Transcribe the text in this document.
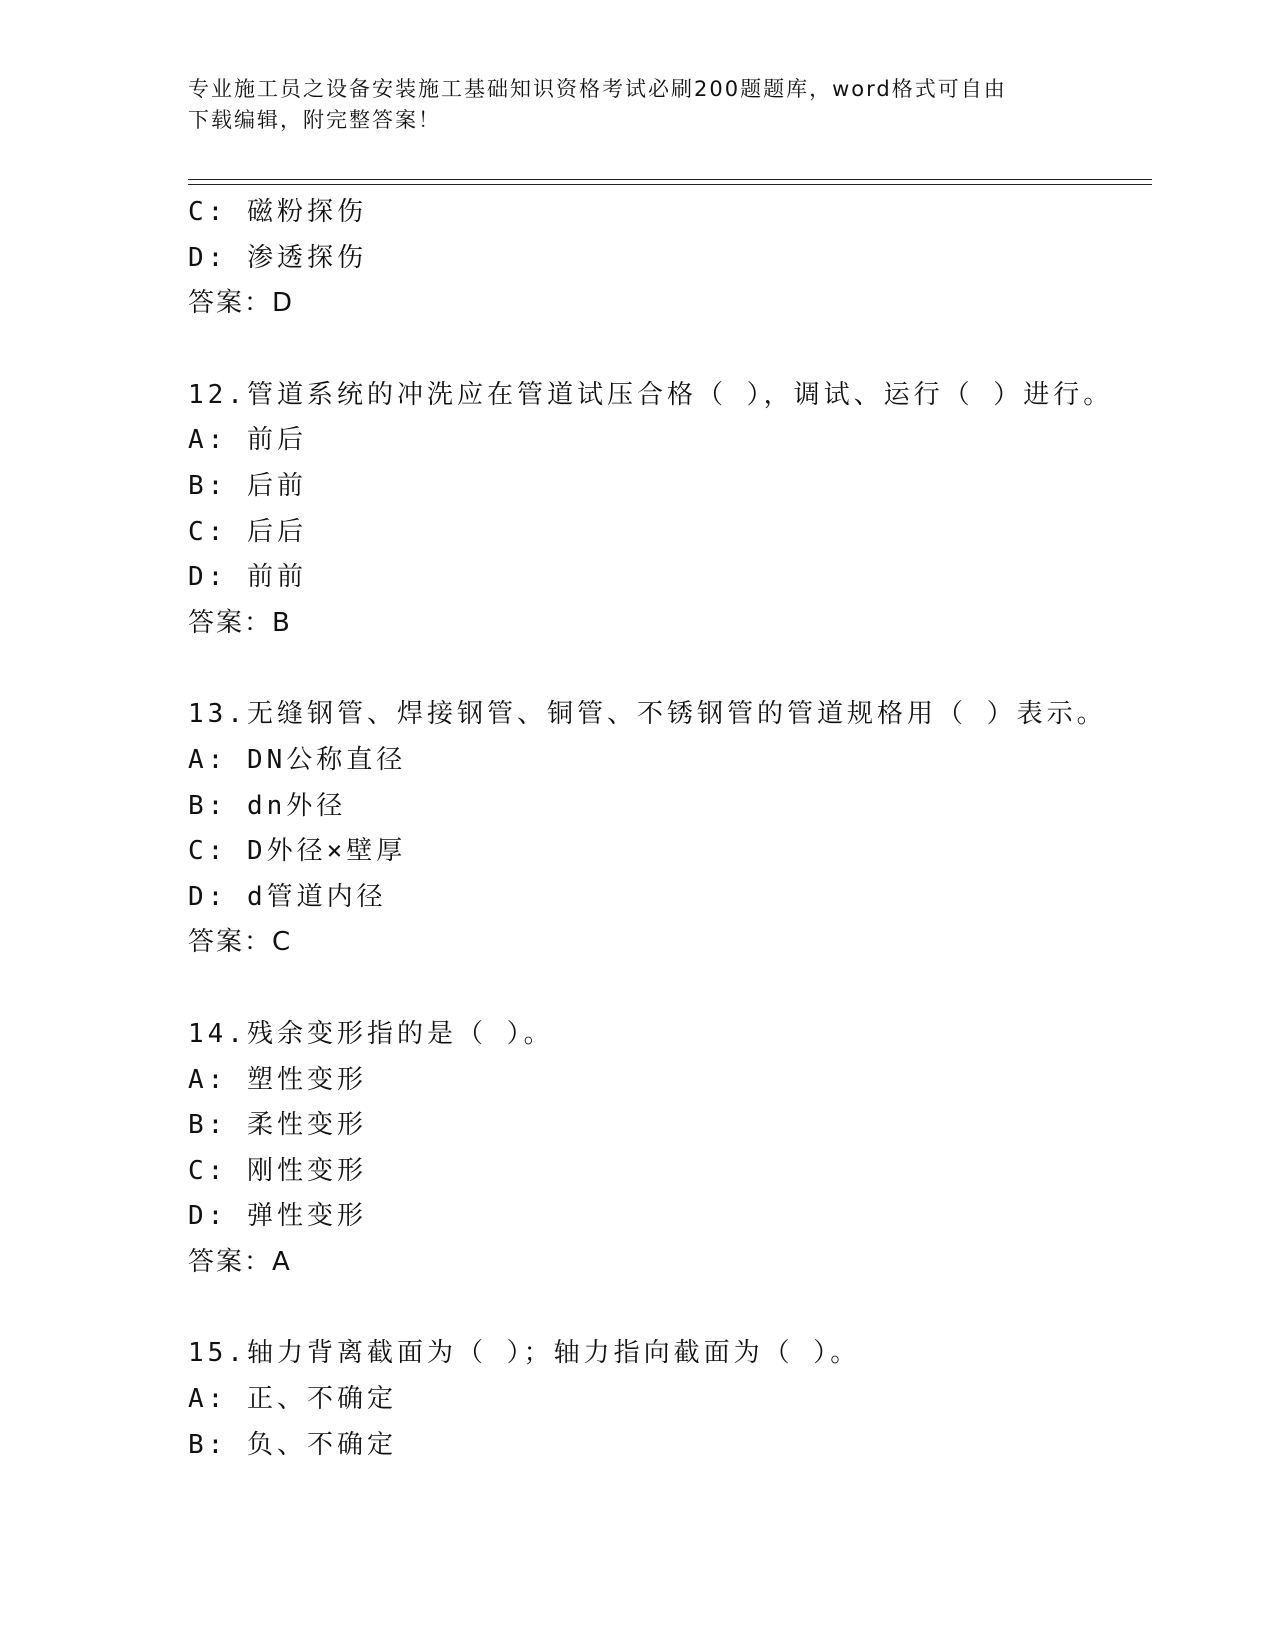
专业施工员之设备安装施工基础知识资格考试必刷200题题库，word格式可自由
下载编辑，附完整答案！
C: 磁粉探伤
D: 渗透探伤
答案：D
12.管道系统的冲洗应在管道试压合格（ ），调试、运行（ ）进行。
A: 前后
B: 后前
C: 后后
D: 前前
答案：B
13.无缝钢管、焊接钢管、铜管、不锈钢管的管道规格用（ ）表示。
A: DN公称直径
B: dn外径
C: D外径×壁厚
D: d管道内径
答案：C
14.残余变形指的是（ ）。
A: 塑性变形
B: 柔性变形
C: 刚性变形
D: 弹性变形
答案：A
15.轴力背离截面为（ ）；轴力指向截面为（ ）。
A: 正、不确定
B: 负、不确定
